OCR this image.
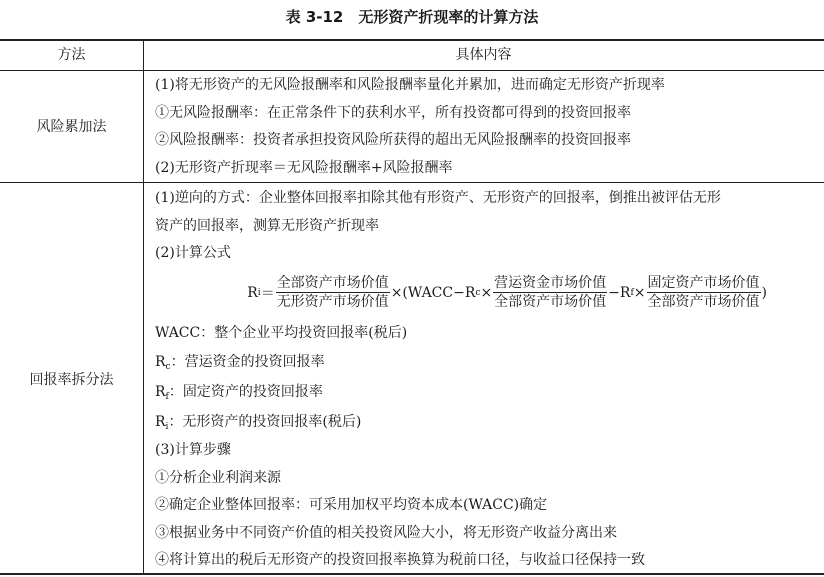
表 3-12　无形资产折现率的计算方法
方法	具体内容
风险累加法
(1)将无形资产的无风险报酬率和风险报酬率量化并累加，进而确定无形资产折现率
①无风险报酬率：在正常条件下的获利水平，所有投资都可得到的投资回报率
②风险报酬率：投资者承担投资风险所获得的超出无风险报酬率的投资回报率
(2)无形资产折现率＝无风险报酬率+风险报酬率
回报率拆分法
(1)逆向的方式：企业整体回报率扣除其他有形资产、无形资产的回报率，倒推出被评估无形
资产的回报率，测算无形资产折现率
(2)计算公式
R $i = \frac{\text{全部资产市场价值}}{\text{无形资产市场价值}}$ ×(WACC−R $c \times \frac{\text{营运资金市场价值}}{\text{全部资产市场价值}} -R$ $f \times \frac{\text{固定资产市场价值}}{\text{全部资产市场价值}}$ )
WACC：整个企业平均投资回报率(税后)
$R_c$：营运资金的投资回报率
$R_f$：固定资产的投资回报率
$R_i$：无形资产的投资回报率(税后)
(3)计算步骤
①分析企业利润来源
②确定企业整体回报率：可采用加权平均资本成本(WACC)确定
③根据业务中不同资产价值的相关投资风险大小，将无形资产收益分离出来
④将计算出的税后无形资产的投资回报率换算为税前口径，与收益口径保持一致
